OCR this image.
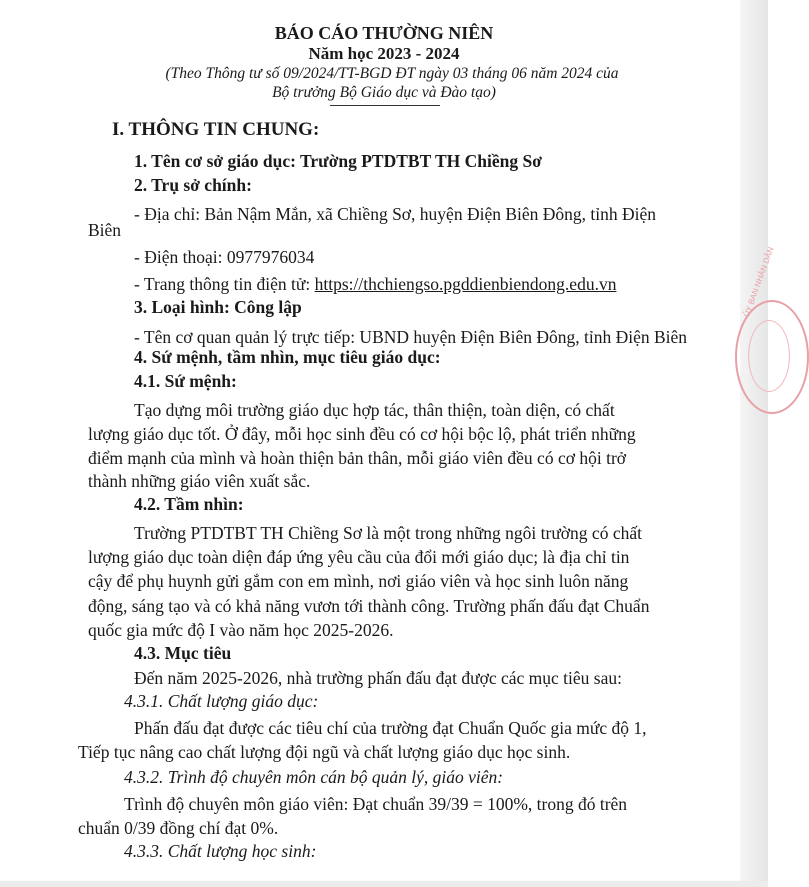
BÁO CÁO THƯỜNG NIÊN
Năm học 2023 - 2024
(Theo Thông tư số 09/2024/TT-BGD ĐT ngày 03 tháng 06 năm 2024 của
Bộ trưởng Bộ Giáo dục và Đào tạo)
I. THÔNG TIN CHUNG:
1. Tên cơ sở giáo dục: Trường PTDTBT TH Chiềng Sơ
2. Trụ sở chính:
- Địa chỉ: Bản Nậm Mắn, xã Chiềng Sơ, huyện Điện Biên Đông, tỉnh Điện
Biên
- Điện thoại: 0977976034
- Trang thông tin điện tử: https://thchiengso.pgddienbiendong.edu.vn
3. Loại hình: Công lập
- Tên cơ quan quản lý trực tiếp: UBND huyện Điện Biên Đông, tỉnh Điện Biên
4. Sứ mệnh, tầm nhìn, mục tiêu giáo dục:
4.1. Sứ mệnh:
Tạo dựng môi trường giáo dục hợp tác, thân thiện, toàn diện, có chất
lượng giáo dục tốt. Ở đây, mỗi học sinh đều có cơ hội bộc lộ, phát triển những
điểm mạnh của mình và hoàn thiện bản thân, mỗi giáo viên đều có cơ hội trở
thành những giáo viên xuất sắc.
4.2. Tầm nhìn:
Trường PTDTBT TH Chiềng Sơ là một trong những ngôi trường có chất
lượng giáo dục toàn diện đáp ứng yêu cầu của đổi mới giáo dục; là địa chỉ tin
cậy để phụ huynh gửi gắm con em mình, nơi giáo viên và học sinh luôn năng
động, sáng tạo và có khả năng vươn tới thành công. Trường phấn đấu đạt Chuẩn
quốc gia mức độ I vào năm học 2025-2026.
4.3. Mục tiêu
Đến năm 2025-2026, nhà trường phấn đấu đạt được các mục tiêu sau:
4.3.1. Chất lượng giáo dục:
Phấn đấu đạt được các tiêu chí của trường đạt Chuẩn Quốc gia mức độ 1,
Tiếp tục nâng cao chất lượng đội ngũ và chất lượng giáo dục học sinh.
4.3.2. Trình độ chuyên môn cán bộ quản lý, giáo viên:
Trình độ chuyên môn giáo viên: Đạt chuẩn 39/39 = 100%, trong đó trên
chuẩn 0/39 đồng chí đạt 0%.
4.3.3. Chất lượng học sinh:
ỦY BAN NHÂN DÂN
